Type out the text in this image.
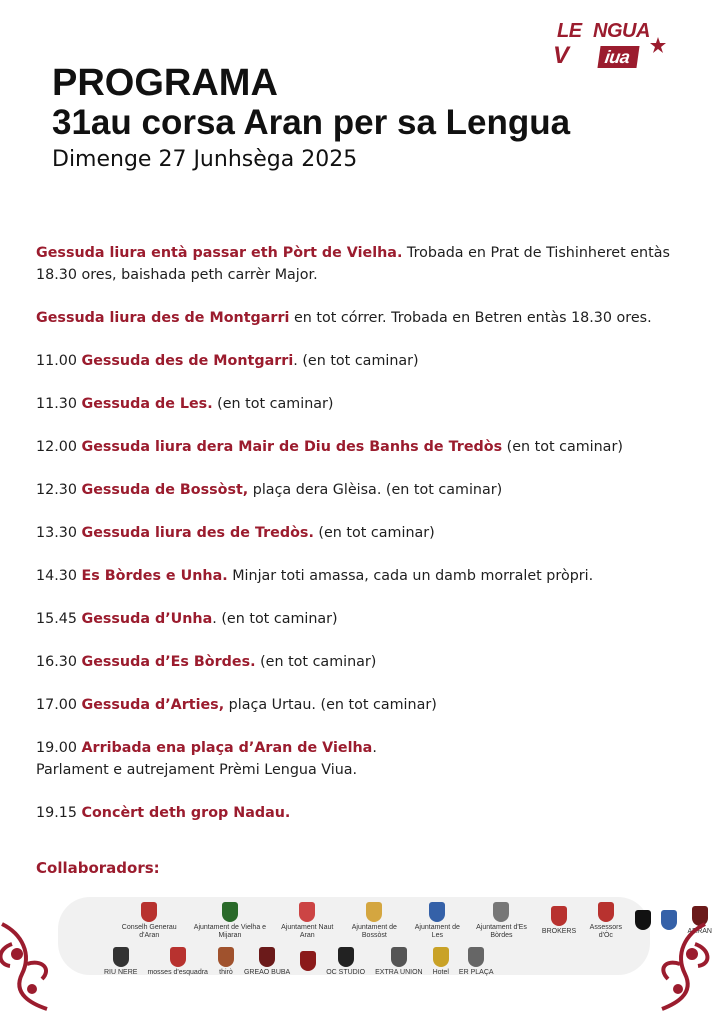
LE NGUA
V	iua
PROGRAMA
31au corsa Aran per sa Lengua

Dimenge 27 Junhsèga 2025

Gessuda liura entà passar eth Pòrt de Vielha. Trobada en Prat de Tishinheret entàs 18.30 ores, baishada peth carrèr Major.
Gessuda liura des de Montgarri en tot córrer. Trobada en Betren entàs 18.30 ores.
11.00 Gessuda des de Montgarri. (en tot caminar)
11.30 Gessuda de Les. (en tot caminar)
12.00 Gessuda liura dera Mair de Diu des Banhs de Tredòs (en tot caminar)
12.30 Gessuda de Bossòst, plaça dera Glèisa. (en tot caminar)
13.30 Gessuda liura des de Tredòs. (en tot caminar)
14.30 Es Bòrdes e Unha. Minjar toti amassa, cada un damb morralet pròpri.
15.45 Gessuda d’Unha. (en tot caminar)
16.30 Gessuda d’Es Bòrdes. (en tot caminar)
17.00 Gessuda d’Arties, plaça Urtau. (en tot caminar)
19.00 Arribada ena plaça d’Aran de Vielha.
Parlament e autrejament Prèmi Lengua Viua.
19.15 Concèrt deth grop Nadau.
Collaboradors:
Conselh Generau d'Aran
Ajuntament de Vielha e Mijaran
Ajuntament Naut Aran
Ajuntament de Bossòst
Ajuntament de Les
Ajuntament d'Es Bòrdes
BROKERS
Assessors d'Òc
ARRAN
RIU NERE mosses d'esquadra thirò GREAO BUBA	OC STUDIO EXTRA UNION Hotel ER PLAÇA
